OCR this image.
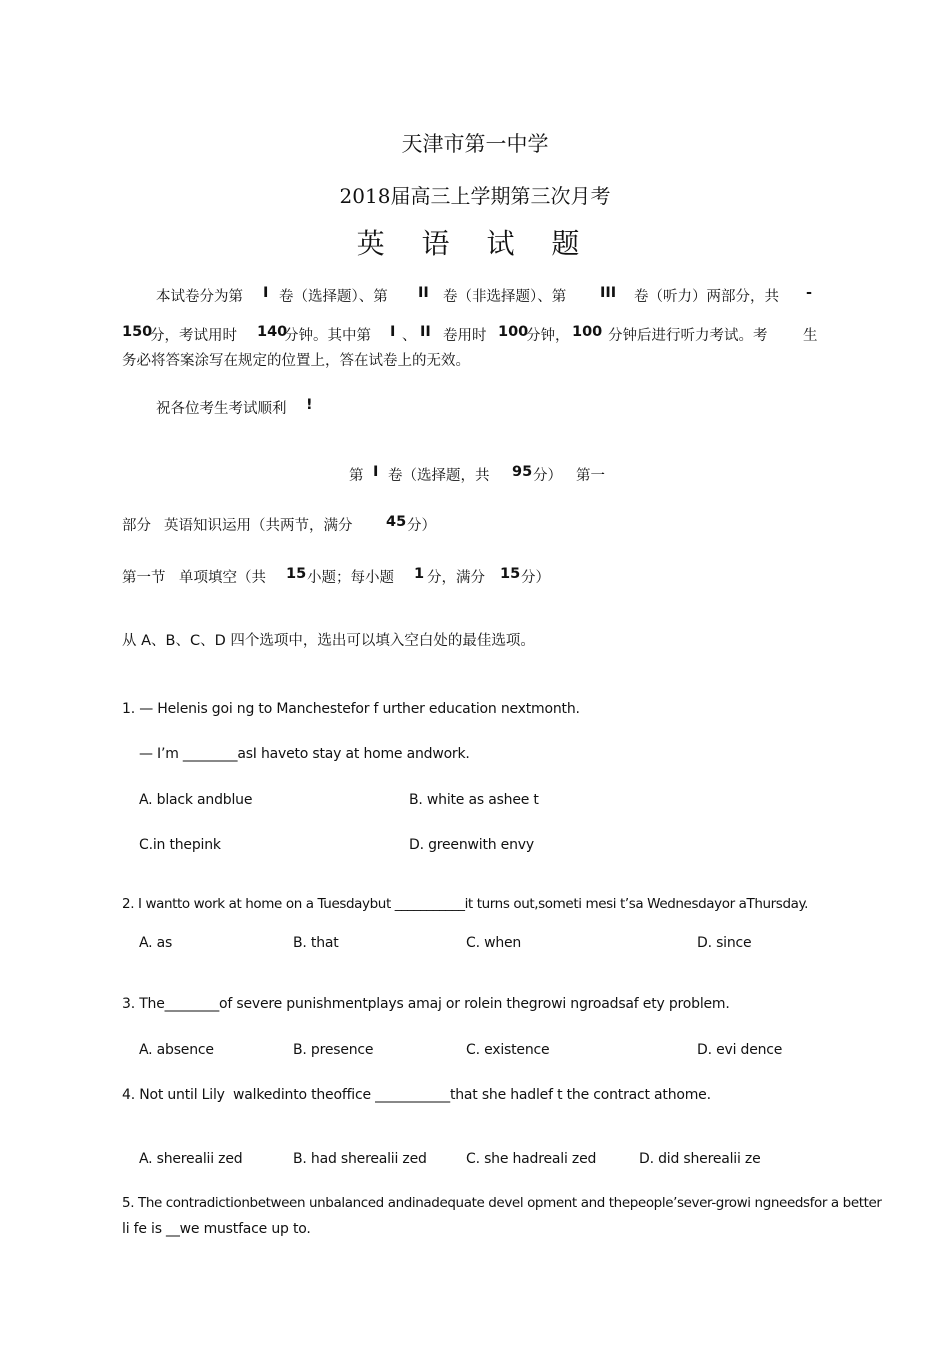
天津市第一中学
2018届高三上学期第三次月考
英 语 试 题
本试卷分为第 I 卷（选择题）、第 II 卷（非选择题）、第 III 卷（听力）两部分，共 -
150
分，考试用时 140
分钟。其中第 I 、 II 卷用时 100
分钟， 100 分钟后进行听力考试。考 生
务必将答案涂写在规定的位置上，答在试卷上的无效。
祝各位考生考试顺利 !
第 I 卷（选择题，共 95 分） 第一
部分 英语知识运用（共两节，满分 45 分）
第一节 单项填空（共 15 小题；每小题 1 分，满分 15 分）
从 A、B、C、D 四个选项中，选出可以填入空白处的最佳选项。
1. — Helenis goi ng to Manchestefor f urther education nextmonth.
— I’m ________asI haveto stay at home andwork.
A. black andblue	B. white as ashee t
C.in thepink	D. greenwith envy
2. I wantto work at home on a Tuesdaybut ___________it turns out,someti mesi t’sa Wednesdayor aThursday.
A. as	B. that	C. when	D. since
3. The________of severe punishmentplays amaj or rolein thegrowi ngroadsaf ety problem.
A. absence	B. presence	C. existence	D. evi dence
4. Not until Lily walkedinto theoffice ___________that she hadlef t the contract athome.
A. sherealii zed	B. had sherealii zed	C. she hadreali zed	D. did sherealii ze
5. The contradictionbetween unbalanced andinadequate devel opment and thepeople’sever-growi ngneedsfor a better
li fe is __we mustface up to.
